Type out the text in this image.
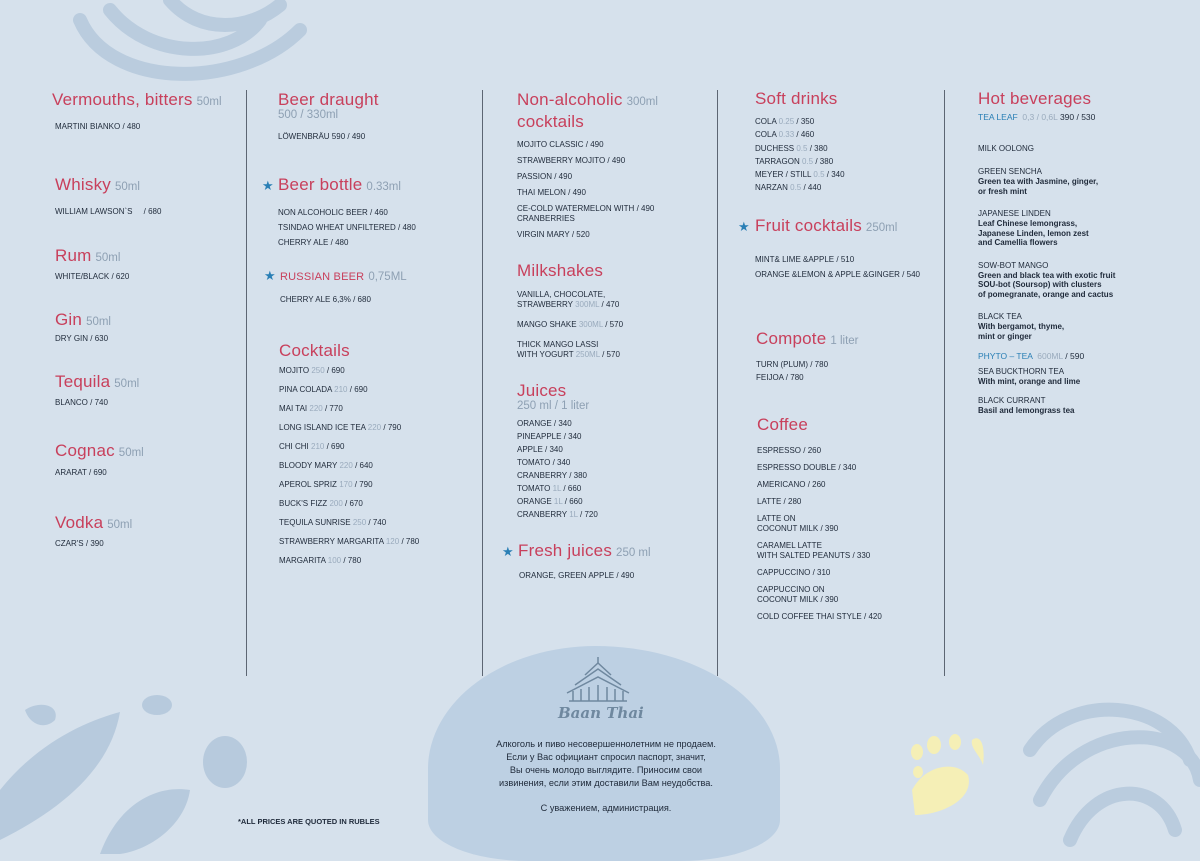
Vermouths, bitters 50ml
MARTINI BIANKO / 480
Whisky 50ml
WILLIAM LAWSON`S / 680
Rum 50ml
WHITE/BLACK / 620
Gin 50ml
DRY GIN / 630
Tequila 50ml
BLANCO / 740
Cognac 50ml
ARARAT / 690
Vodka 50ml
CZAR'S / 390
Beer draught
500 / 330ml
LÖWENBRÄU 590 / 490
★ Beer bottle 0.33ml
NON ALCOHOLIC BEER / 460
TSINDAO WHEAT UNFILTERED / 480
CHERRY ALE / 480
★ RUSSIAN BEER 0,75ML
CHERRY ALE 6,3% / 680
Cocktails
MOJITO 250 / 690
PINA COLADA 210 / 690
MAI TAI 220 / 770
LONG ISLAND ICE TEA 220 / 790
CHI CHI 210 / 690
BLOODY MARY 220 / 640
APEROL SPRIZ 170 / 790
BUCK'S FIZZ 200 / 670
TEQUILA SUNRISE 250 / 740
STRAWBERRY MARGARITA 120 / 780
MARGARITA 100 / 780
*ALL PRICES ARE QUOTED IN RUBLES
Non-alcoholic 300ml
cocktails
MOJITO CLASSIC / 490
STRAWBERRY MOJITO / 490
PASSION / 490
THAI MELON / 490
CE-COLD WATERMELON WITH / 490
CRANBERRIES
VIRGIN MARY / 520
Milkshakes
VANILLA, CHOCOLATE,
STRAWBERRY 300ML / 470
MANGO SHAKE 300ML / 570
THICK MANGO LASSI
WITH YOGURT 250ML / 570
Juices
250 ml / 1 liter
ORANGE / 340
PINEAPPLE / 340
APPLE / 340
TOMATO / 340
CRANBERRY / 380
TOMATO 1L / 660
ORANGE 1L / 660
CRANBERRY 1L / 720
★ Fresh juices 250 ml
ORANGE, GREEN APPLE / 490
Soft drinks
COLA 0.25 / 350
COLA 0.33 / 460
DUCHESS 0.5 / 380
TARRAGON 0.5 / 380
MEYER / STILL 0.5 / 340
NARZAN 0.5 / 440
★ Fruit cocktails 250ml
MINT& LIME &APPLE / 510
ORANGE &LEMON & APPLE &GINGER / 540
Compote 1 liter
TURN (PLUM) / 780
FEIJOA / 780
Coffee
ESPRESSO / 260
ESPRESSO DOUBLE / 340
AMERICANO / 260
LATTE / 280
LATTE ON
COCONUT MILK / 390
CARAMEL LATTE
WITH SALTED PEANUTS / 330
CAPPUCCINO / 310
CAPPUCCINO ON
COCONUT MILK / 390
COLD COFFEE THAI STYLE / 420
Hot beverages
TEA LEAF 0,3 / 0,6L 390 / 530
MILK OOLONG
GREEN SENCHA
Green tea with Jasmine, ginger,
or fresh mint
JAPANESE LINDEN
Leaf Chinese lemongrass,
Japanese Linden, lemon zest
and Camellia flowers
SOW-BOT MANGO
Green and black tea with exotic fruit
SOU-bot (Soursop) with clusters
of pomegranate, orange and cactus
BLACK TEA
With bergamot, thyme,
mint or ginger
PHYTO – TEA 600ML / 590
SEA BUCKTHORN TEA
With mint, orange and lime
BLACK CURRANT
Basil and lemongrass tea
Baan Thai
Алкоголь и пиво несовершеннолетним не продаем.
Если у Вас официант спросил паспорт, значит,
Вы очень молодо выглядите. Приносим свои
извинения, если этим доставили Вам неудобства.
С уважением, администрация.
